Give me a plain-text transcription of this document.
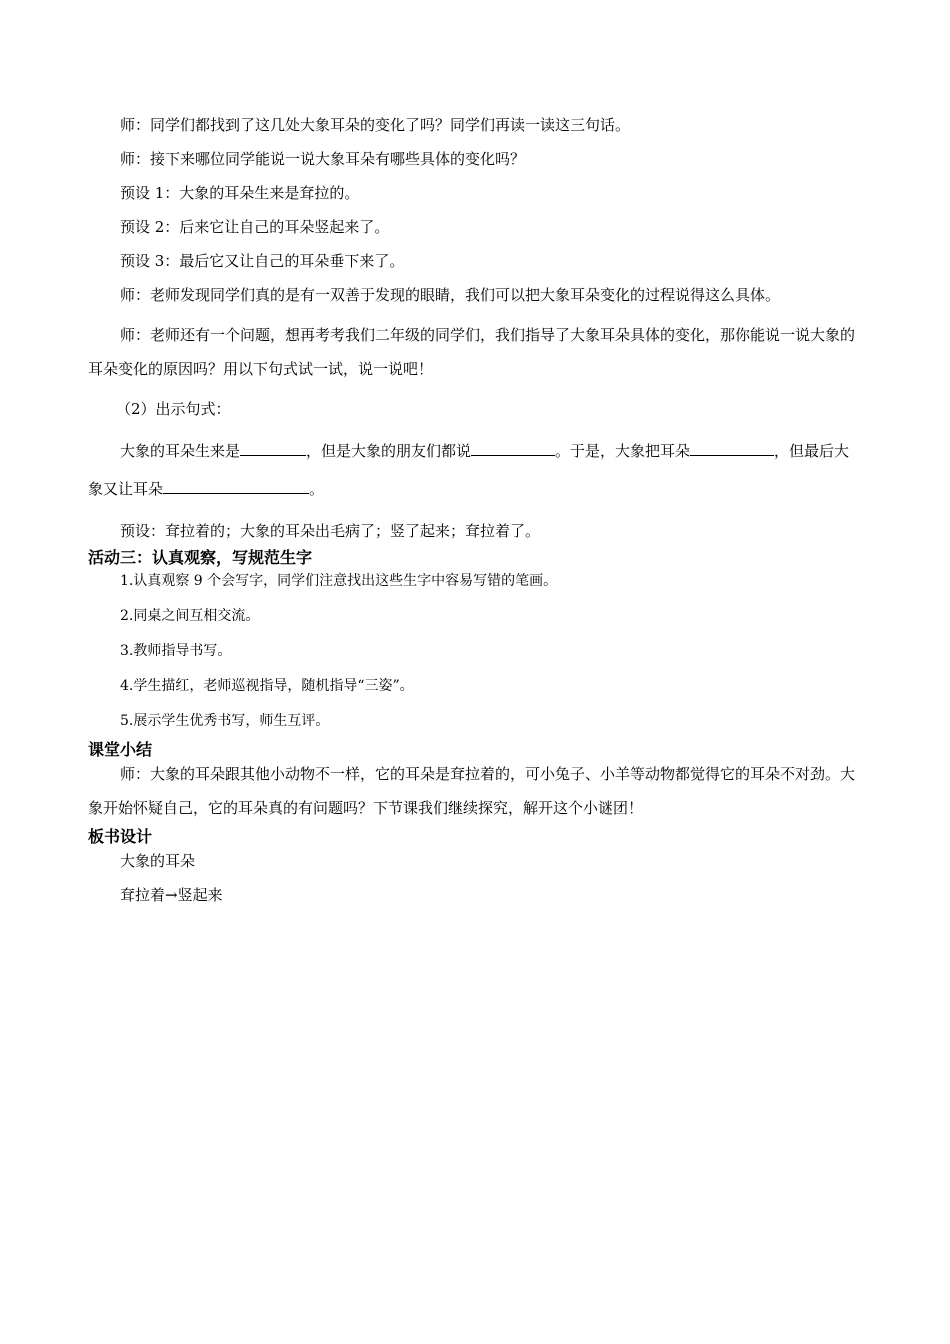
师：同学们都找到了这几处大象耳朵的变化了吗？同学们再读一读这三句话。

师：接下来哪位同学能说一说大象耳朵有哪些具体的变化吗？

预设 1：大象的耳朵生来是耷拉的。

预设 2：后来它让自己的耳朵竖起来了。

预设 3：最后它又让自己的耳朵垂下来了。

师：老师发现同学们真的是有一双善于发现的眼睛，我们可以把大象耳朵变化的过程说得这么具体。

师：老师还有一个问题，想再考考我们二年级的同学们，我们指导了大象耳朵具体的变化，那你能说一说大象的耳朵变化的原因吗？用以下句式试一试，说一说吧！

（2）出示句式：

大象的耳朵生来是	，但是大象的朋友们都说	。于是，大象把耳朵	，但最后大象又让耳朵	。

预设：耷拉着的；大象的耳朵出毛病了；竖了起来；耷拉着了。

活动三：认真观察，写规范生字

1.认真观察 9 个会写字，同学们注意找出这些生字中容易写错的笔画。

2.同桌之间互相交流。

3.教师指导书写。

4.学生描红，老师巡视指导，随机指导“三姿”。

5.展示学生优秀书写，师生互评。

课堂小结

师：大象的耳朵跟其他小动物不一样，它的耳朵是耷拉着的，可小兔子、小羊等动物都觉得它的耳朵不对劲。大象开始怀疑自己，它的耳朵真的有问题吗？下节课我们继续探究，解开这个小谜团！

板书设计

大象的耳朵

耷拉着→竖起来
